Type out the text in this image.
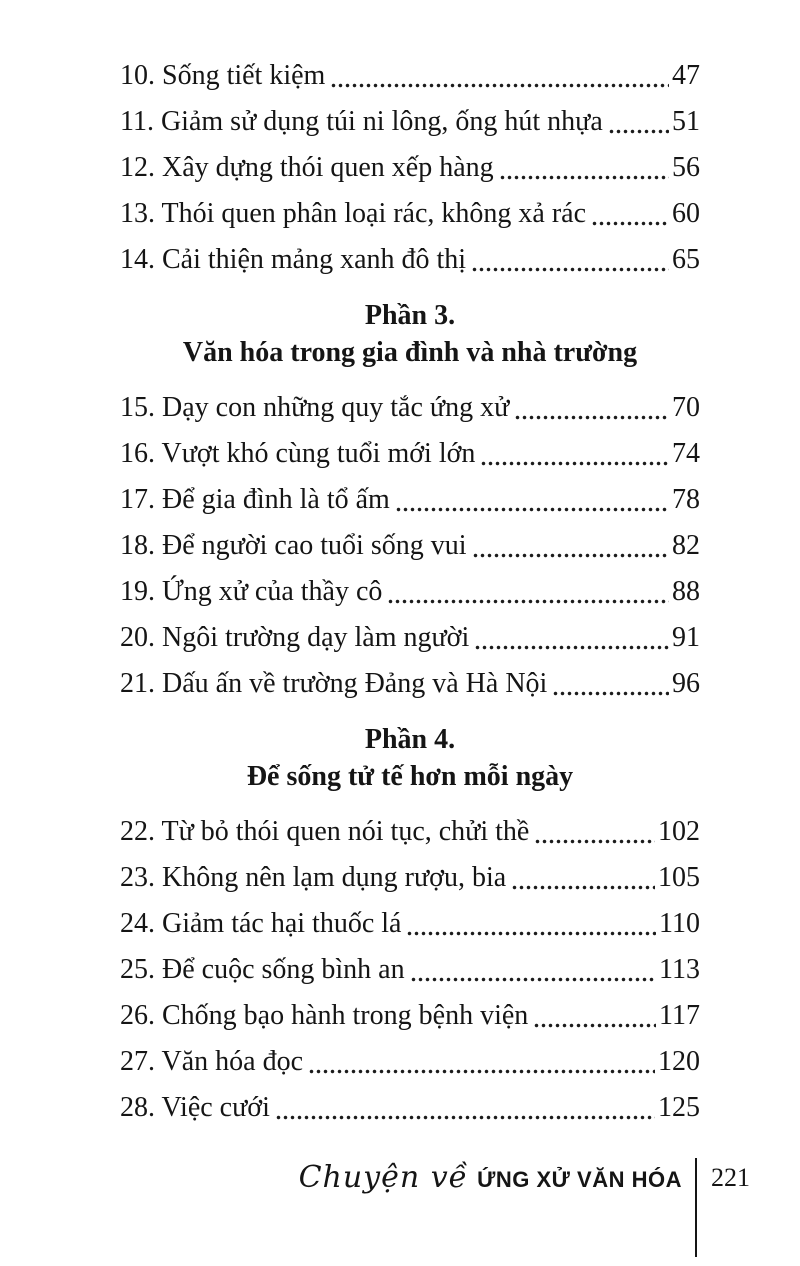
10. Sống tiết kiệm	47
11. Giảm sử dụng túi ni lông, ống hút nhựa 51
12. Xây dựng thói quen xếp hàng	56
13. Thói quen phân loại rác, không xả rác	60
14. Cải thiện mảng xanh đô thị	65
Phần 3.
Văn hóa trong gia đình và nhà trường
15. Dạy con những quy tắc ứng xử	70
16. Vượt khó cùng tuổi mới lớn	74
17. Để gia đình là tổ ấm	78
18. Để người cao tuổi sống vui	82
19. Ứng xử của thầy cô	88
20. Ngôi trường dạy làm người	91
21. Dấu ấn về trường Đảng và Hà Nội	96
Phần 4.
Để sống tử tế hơn mỗi ngày
22. Từ bỏ thói quen nói tục, chửi thề	102
23. Không nên lạm dụng rượu, bia	105
24. Giảm tác hại thuốc lá	110
25. Để cuộc sống bình an	113
26. Chống bạo hành trong bệnh viện	117
27. Văn hóa đọc	120
28. Việc cưới	125
Chuyện về ỨNG XỬ VĂN HÓA 221
